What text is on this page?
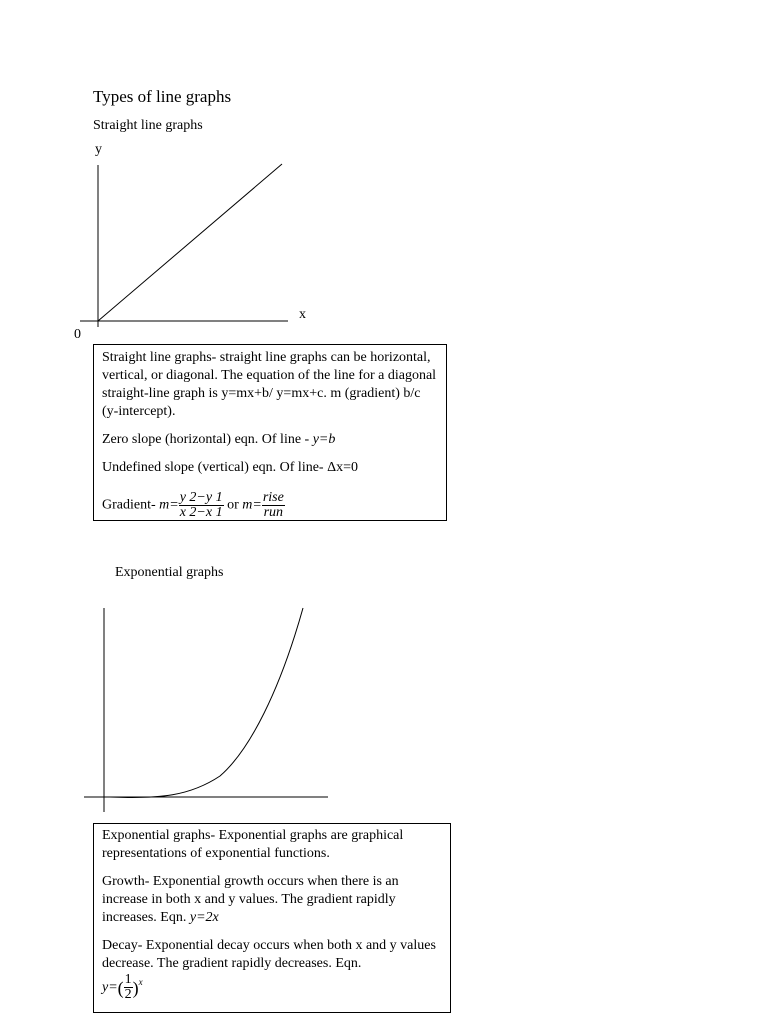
Types of line graphs
Straight line graphs
y
x
0

Straight line graphs- straight line graphs can be horizontal, vertical, or diagonal. The equation of the line for a diagonal straight-line graph is y=mx+b/ y=mx+c. m (gradient) b/c (y-intercept).

Zero slope (horizontal) eqn. Of line - y=b

Undefined slope (vertical) eqn. Of line- Δx=0

Gradient- $m= \frac{y 2-y 1}{x 2-x 1}$ or $m= \frac{\text{rise}}{\text{run}}$

Exponential graphs

Exponential graphs- Exponential graphs are graphical representations of exponential functions.

Growth- Exponential growth occurs when there is an increase in both x and y values. The gradient rapidly increases. Eqn. y=2x

Decay- Exponential decay occurs when both x and y values decrease. The gradient rapidly decreases. Eqn.
$y=( \frac{1}{2} )^x$
